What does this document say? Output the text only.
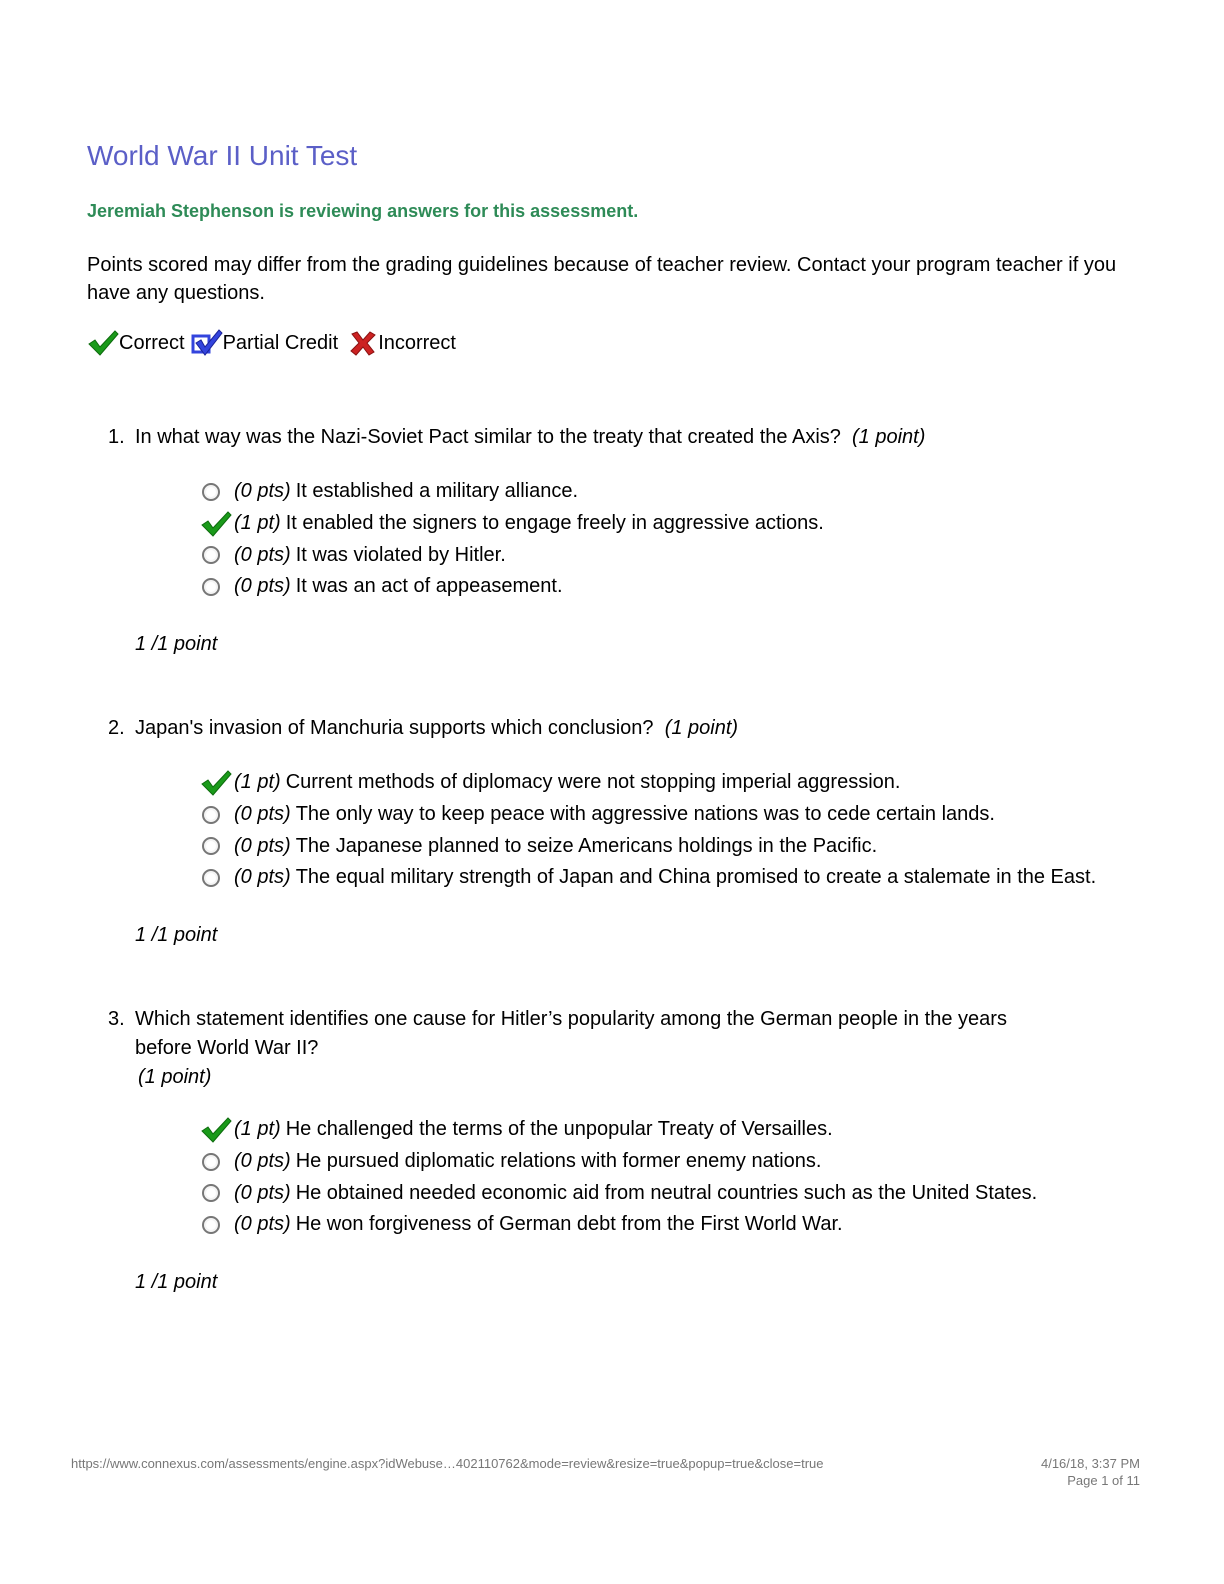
World War II Unit Test

Jeremiah Stephenson is reviewing answers for this assessment.

Points scored may differ from the grading guidelines because of teacher review. Contact your program teacher if you have any questions.

Correct Partial Credit Incorrect
1. In what way was the Nazi-Soviet Pact similar to the treaty that created the Axis? (1 point)
(0 pts) It established a military alliance.
(1 pt) It enabled the signers to engage freely in aggressive actions.
(0 pts) It was violated by Hitler.
(0 pts) It was an act of appeasement.
1 /1 point
2. Japan's invasion of Manchuria supports which conclusion? (1 point)
(1 pt) Current methods of diplomacy were not stopping imperial aggression.
(0 pts) The only way to keep peace with aggressive nations was to cede certain lands.
(0 pts) The Japanese planned to seize Americans holdings in the Pacific.
(0 pts) The equal military strength of Japan and China promised to create a stalemate in the East.
1 /1 point
3. Which statement identifies one cause for Hitler’s popularity among the German people in the years before World War II?
(1 point)
(1 pt) He challenged the terms of the unpopular Treaty of Versailles.
(0 pts) He pursued diplomatic relations with former enemy nations.
(0 pts) He obtained needed economic aid from neutral countries such as the United States.
(0 pts) He won forgiveness of German debt from the First World War.
1 /1 point
https://www.connexus.com/assessments/engine.aspx?idWebuse…402110762&mode=review&resize=true&popup=true&close=true	4/16/18, 3:37 PM
Page 1 of 11
